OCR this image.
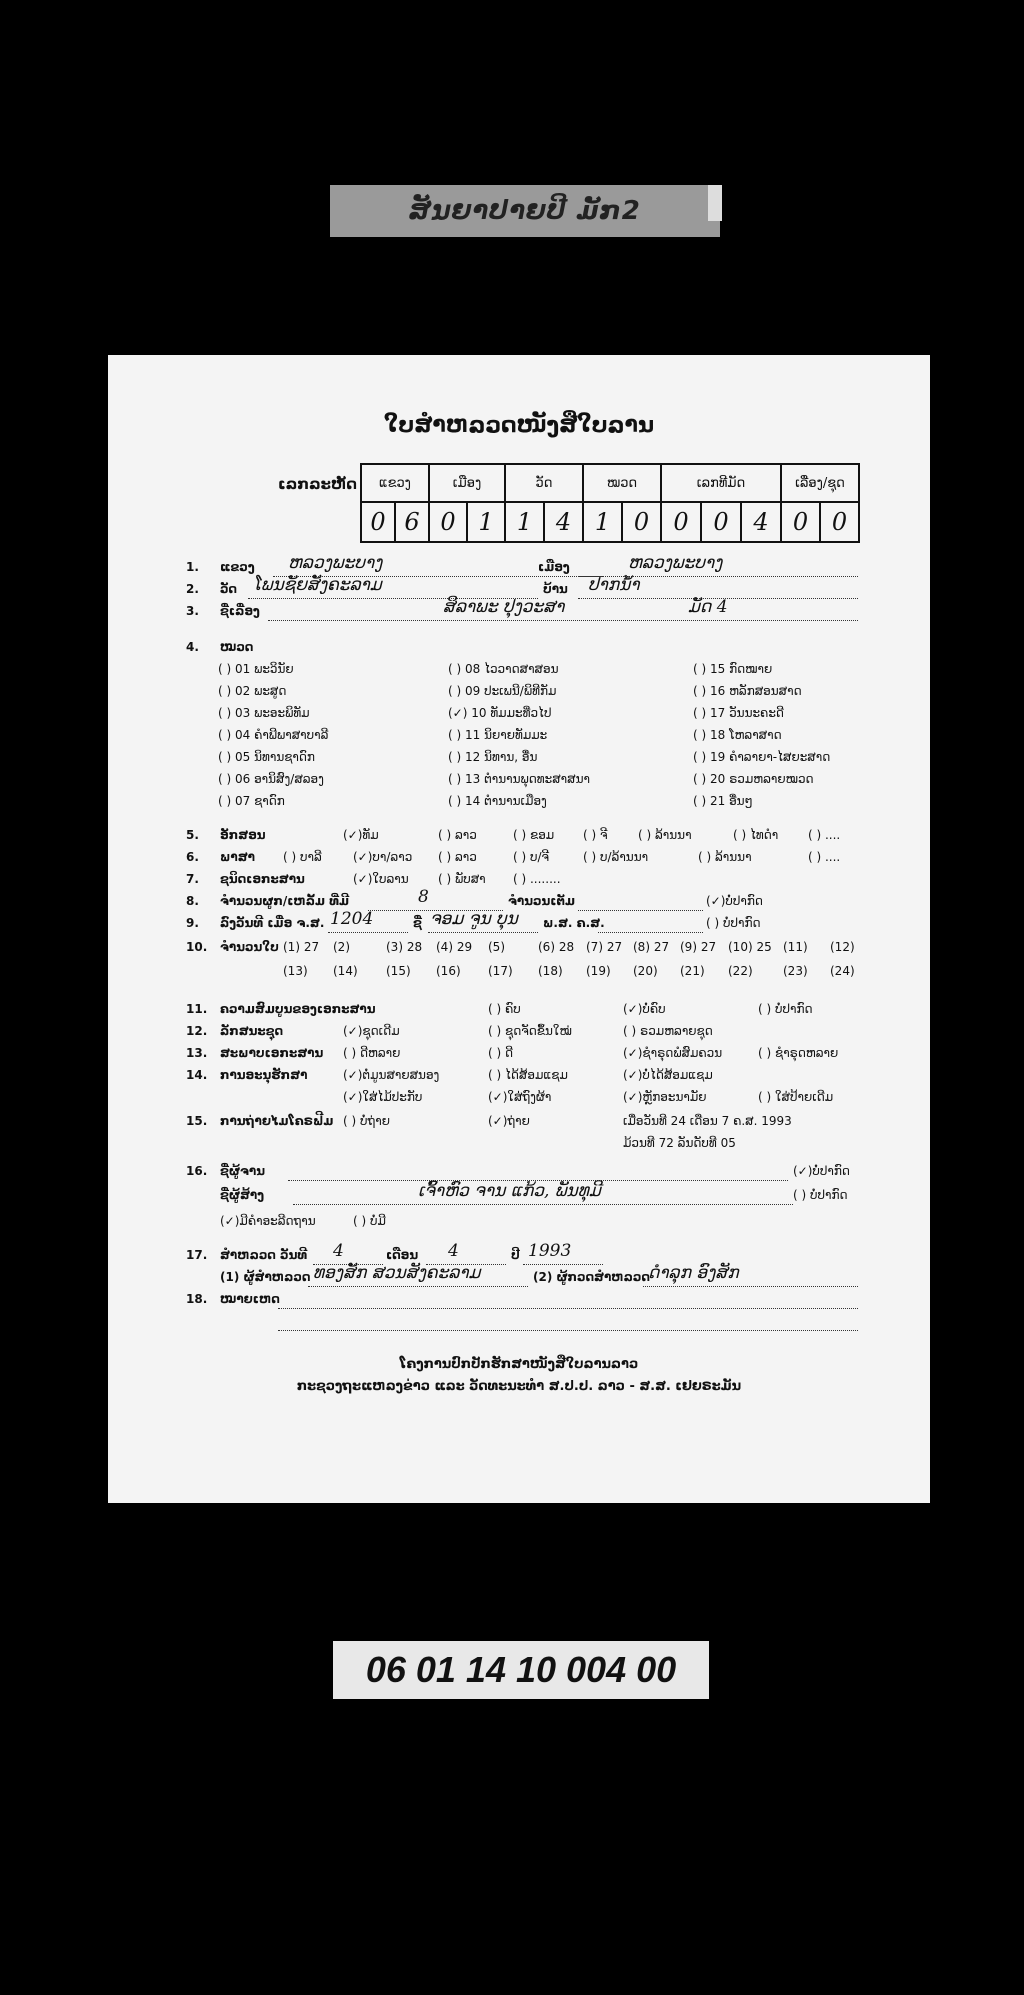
ສັນຍາປາຍປີ ມັກ2
ໃບສໍາຫລວດໜັງສືໃບລານ
ເລກລະຫັດ ແຂວງ		ເມືອງ		ວັດ		ໝວດ		ເລກທີມັດ			ເລື່ອງ/ຊຸດ	
0	6	0	1	1	4	1	0	0	0	4	0	0
1. ແຂວງ ຫລວງພະບາງ	ເມືອງ	ຫລວງພະບາງ
2. ວັດ ໂພນຊັຍສັງຄະລາມ	ບ້ານ ປາກນໍ້າ
3. ຊື່ເລື່ອງ	ສິລາພະ ປຸງວະສາ	ມັດ 4
4. ໝວດ
( ) 01 ພະວິນັຍ	( ) 08 ໄວວາດສາສອນ	( ) 15 ກົດໝາຍ
( ) 02 ພະສູດ	( ) 09 ປະເພນີ/ພິທີກັມ	( ) 16 ຫລັກສອນສາດ
( ) 03 ພະອະພິທັມ	(✓) 10 ທັມມະທີ່ວໄປ	( ) 17 ວັນນະຄະດີ
( ) 04 ຄໍາພີພາສາບາລີ	( ) 11 ນິຍາຍທັມມະ	( ) 18 ໂຫລາສາດ
( ) 05 ນິທານຊາດົກ	( ) 12 ນິທານ, ອື່ນ	( ) 19 ຄໍາລາຍາ-ໄສຍະສາດ
( ) 06 ອານິສົງ/ສລອງ	( ) 13 ຕໍານານພຸດທະສາສນາ	( ) 20 ຣວມຫລາຍໝວດ
( ) 07 ຊາດົກ	( ) 14 ຕໍານານເມືອງ	( ) 21 ອື່ນໆ
5. ອັກສອນ	(✓)ທັມ	( ) ລາວ	( ) ຂອມ ( ) ຈີ	( ) ລ້ານນາ	( ) ໄທດໍາ ( ) ....
6. ພາສາ ( ) ບາລີ	(✓)ບາ/ລາວ ( ) ລາວ	( ) ບ/ຈີ	( ) ບ/ລ້ານນາ	( ) ລ້ານນາ	( ) ....
7. ຊນິດເອກະສານ	(✓)ໃບລານ ( ) ພັບສາ ( ) ........
8. ຈໍານວນຜູກ/ເຫລັ້ມ ທີ່ມີ	8	ຈໍານວນເຕັມ	(✓)ບໍ່ປາກົດ
9. ລົງວັນທີ ເມື່ອ ຈ.ສ. 1204	ຊື່ ຈອມ ຈູນ ບຸນ ພ.ສ. ຄ.ສ.	( ) ບໍ່ປາກົດ
10. ຈໍານວນໃບ (1) 27 (2)	(3) 28 (4) 29 (5)	(6) 28 (7) 27 (8) 27 (9) 27 (10) 25 (11) (12)
(13) (14) (15) (16) (17) (18) (19) (20) (21) (22)	(23) (24)
11. ຄວາມສົມບູນຂອງເອກະສານ	( ) ຄົບ	(✓)ບໍ່ຄົບ	( ) ບໍ່ປາກົດ
12. ລັກສນະຊຸດ	(✓)ຊຸດເດີມ	( ) ຊຸດຈັດຂຶ້ນໃໝ່	( ) ຣວມຫລາຍຊຸດ
13. ສະພາບເອກະສານ ( ) ດີຫລາຍ	( ) ດີ	(✓)ຊໍາຣຸດພໍສົມຄວນ	( ) ຊໍາຣຸດຫລາຍ
14. ການອະນຸຮັກສາ	(✓)ຕໍ່ມູນສາຍສນອງ	( ) ໄດ້ສ້ອມແຊມ	(✓)ບໍ່ໄດ້ສ້ອມແຊມ
(✓)ໃສ່ໄມ້ປະກັບ	(✓)ໃສ່ຖົງຜ້າ	(✓)ຫຼັກອະນາມັຍ	( ) ໃສ່ປ້າຍເດີມ
15. ການຖ່າຍໄມໂຄຣຟີມ ( ) ບໍ່ຖ່າຍ	(✓)ຖ່າຍ	ເມື່ອວັນທີ 24 ເດືອນ 7 ຄ.ສ. 1993
ມ້ວນທີ 72 ລັນດັບທີ 05
16. ຊື່ຜູ້ຈານ	(✓)ບໍ່ປາກົດ
ຊື່ຜູ້ສ້າງ	ເຈົ້າຫົວ ຈານ ແກ້ວ, ພັນທຸມີ	( ) ບໍ່ປາກົດ
(✓)ມີຄໍາອະລີດຖານ	( ) ບໍ່ມີ
17. ສໍາຫລວດ ວັນທີ 4	ເດືອນ 4	ປີ 1993
(1) ຜູ້ສໍາຫລວດ ທອງສັກ ສວນສັງຄະລາມ	(2) ຜູ້ກວດສໍາຫລວດ
ດໍາລຸກ ອົງ​ສັກ
18. ໝາຍເຫດ
ໂຄງການປົກປັກຮັກສາໜັງສືໃບລານລາວ
ກະຊວງຖະແຫລງຂ່າວ ແລະ ວັດທະນະທໍາ ສ.ປ.ປ. ລາວ - ສ.ສ. ເຢຍຣະມັນ
06 01 14 10 004 00
